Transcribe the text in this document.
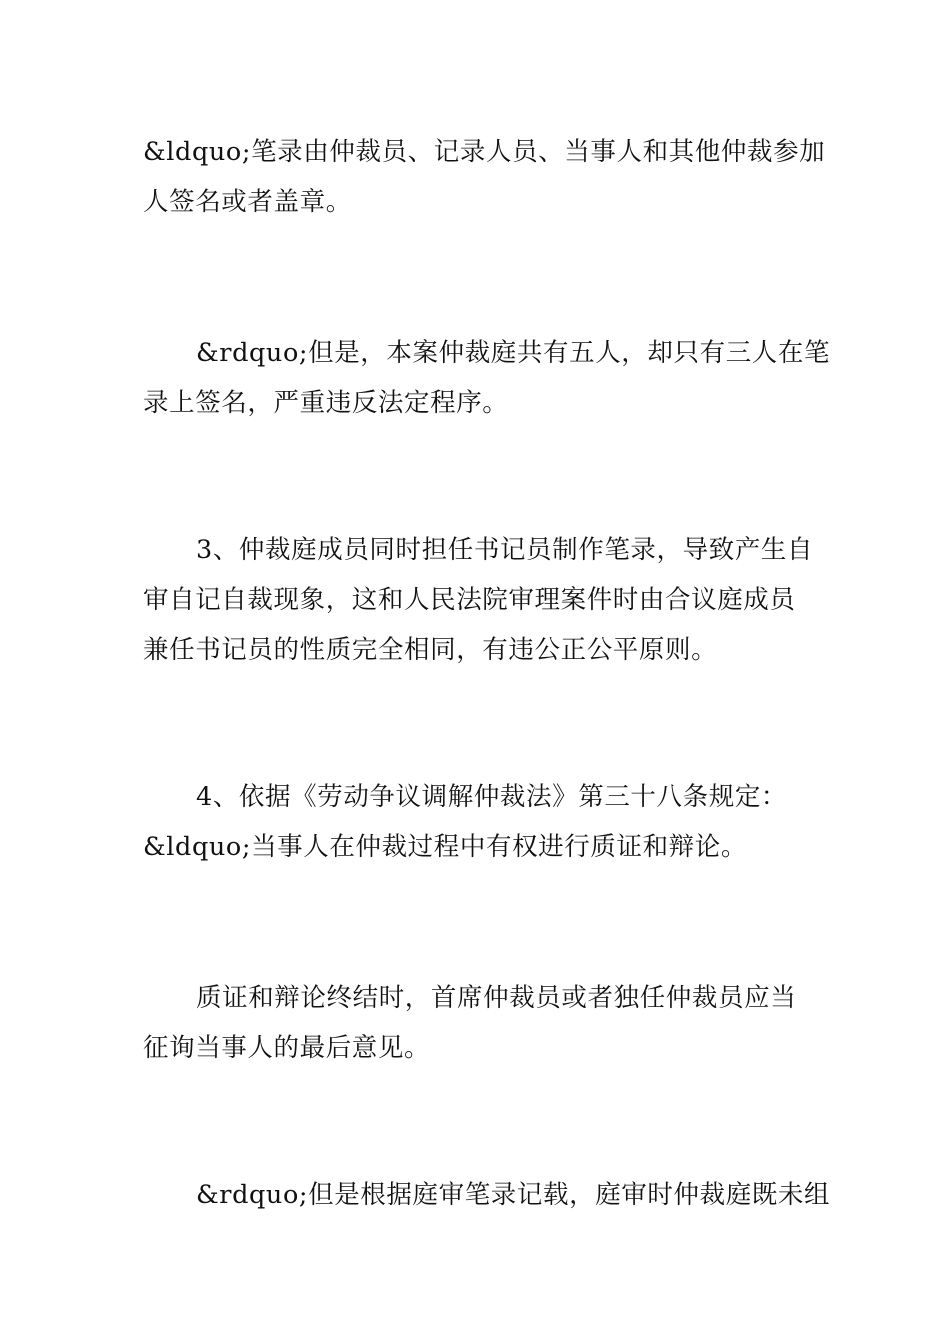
&ldquo;笔录由仲裁员、记录人员、当事人和其他仲裁参加
人签名或者盖章。

&rdquo;但是，本案仲裁庭共有五人，却只有三人在笔
录上签名，严重违反法定程序。

3、仲裁庭成员同时担任书记员制作笔录，导致产生自
审自记自裁现象，这和人民法院审理案件时由合议庭成员
兼任书记员的性质完全相同，有违公正公平原则。

4、依据《劳动争议调解仲裁法》第三十八条规定：
&ldquo;当事人在仲裁过程中有权进行质证和辩论。

质证和辩论终结时，首席仲裁员或者独任仲裁员应当
征询当事人的最后意见。

&rdquo;但是根据庭审笔录记载，庭审时仲裁庭既未组
